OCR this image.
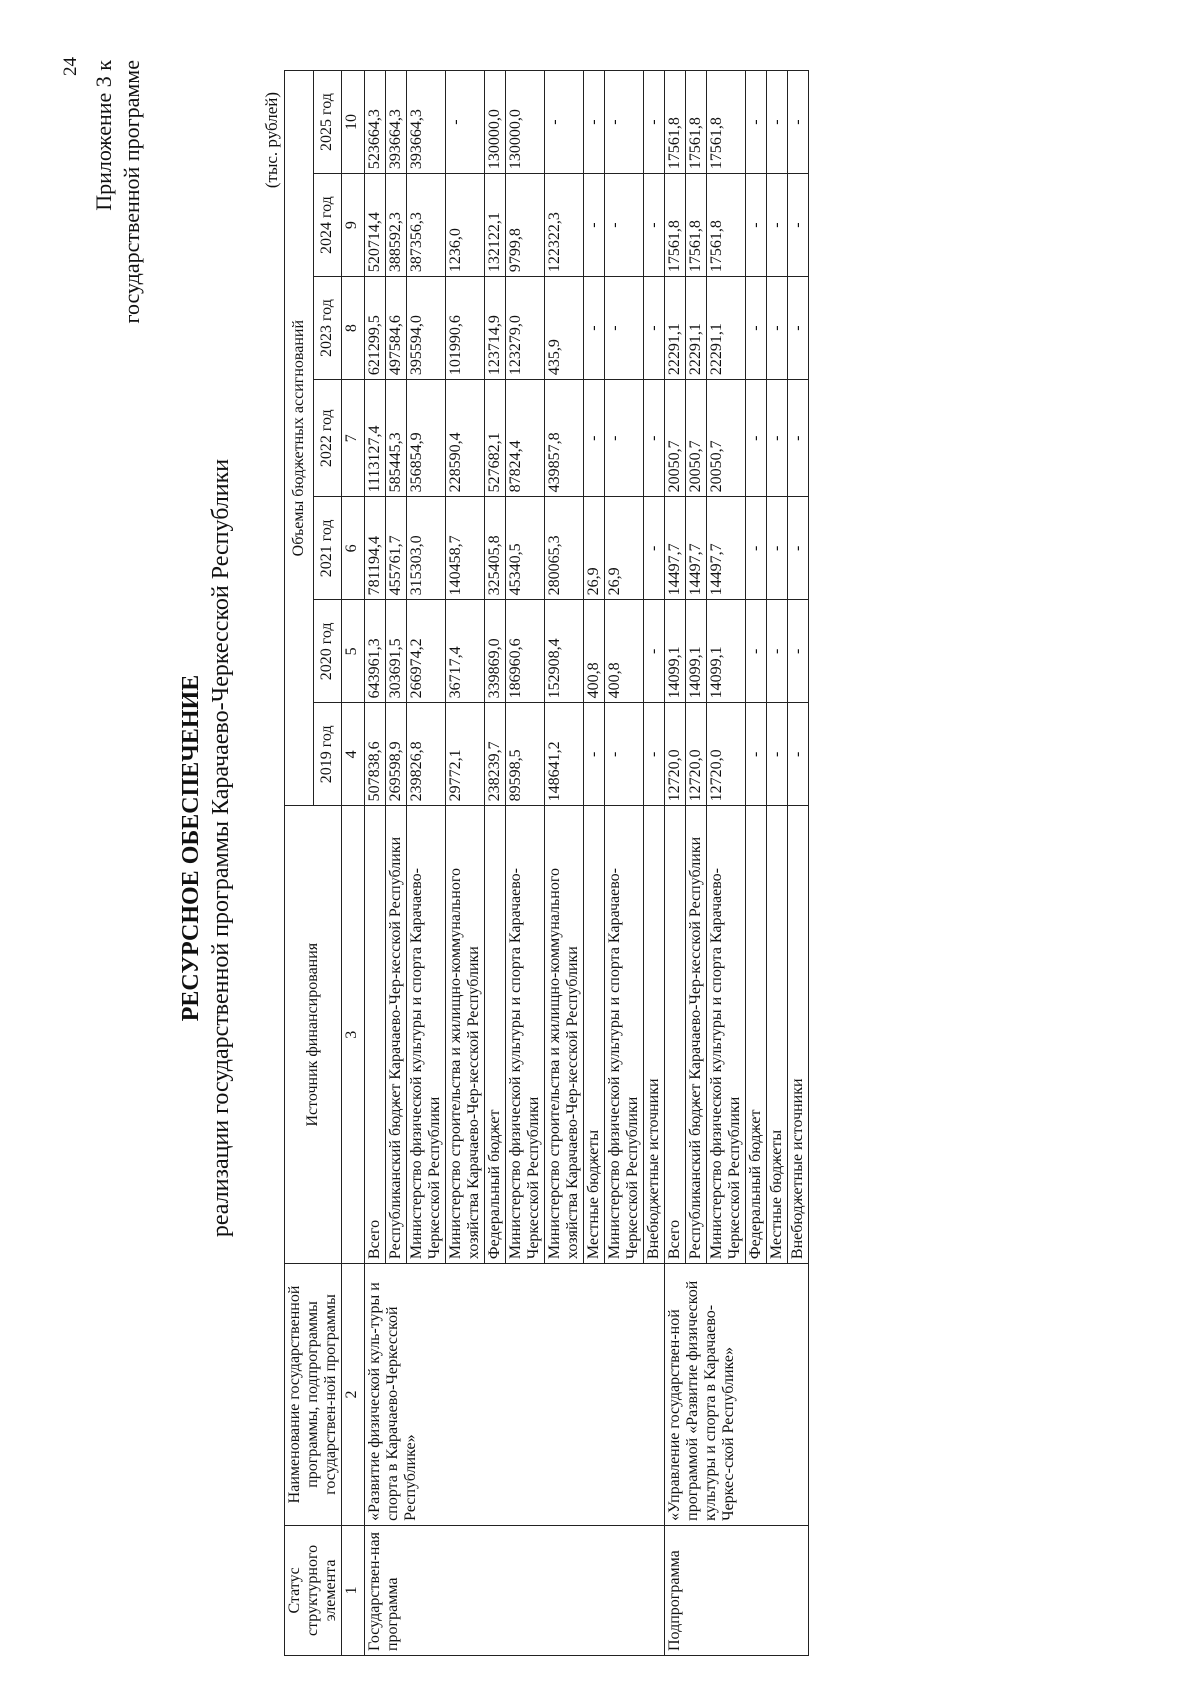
24 Приложение 3 к государственной программе
РЕСУРСНОЕ ОБЕСПЕЧЕНИЕ реализации государственной программы Карачаево-Черкесской Республики
(тыс. рублей)
Статус структурного элемента	Наименование государственной программы, подпрограммы государствен-ной программы	Источник финансирования	Объемы бюджетных ассигнований						
			2019 год	2020 год	2021 год	2022 год	2023 год	2024 год	2025 год
1	2	3	4	5	6	7	8	9	10
Государствен-ная программа	«Развитие физической куль-туры и спорта в Карачаево-Черкесской Республике»	Всего	507838,6	643961,3	781194,4	1113127,4	621299,5	520714,4	523664,3
		Республиканский бюджет Карачаево-Чер-кесской Республики	269598,9	303691,5	455761,7	585445,3	497584,6	388592,3	393664,3
		Министерство физической культуры и спорта Карачаево-Черкесской Республики	239826,8	266974,2	315303,0	356854,9	395594,0	387356,3	393664,3
		Министерство строительства и жилищно-коммунального хозяйства Карачаево-Чер-кесской Республики	29772,1	36717,4	140458,7	228590,4	101990,6	1236,0	-
		Федеральный бюджет	238239,7	339869,0	325405,8	527682,1	123714,9	132122,1	130000,0
		Министерство физической культуры и спорта Карачаево-Черкесской Республики	89598,5	186960,6	45340,5	87824,4	123279,0	9799,8	130000,0
		Министерство строительства и жилищно-коммунального хозяйства Карачаево-Чер-кесской Республики	148641,2	152908,4	280065,3	439857,8	435,9	122322,3	-
		Местные бюджеты	-	400,8	26,9	-	-	-	-
		Министерство физической культуры и спорта Карачаево-Черкесской Республики	-	400,8	26,9	-	-	-	-
		Внебюджетные источники	-	-	-	-	-	-	-
Подпрограмма	«Управление государствен-ной программой «Развитие физической культуры и спорта в Карачаево-Черкес-ской Республике»	Всего	12720,0	14099,1	14497,7	20050,7	22291,1	17561,8	17561,8
		Республиканский бюджет Карачаево-Чер-кесской Республики	12720,0	14099,1	14497,7	20050,7	22291,1	17561,8	17561,8
		Министерство физической культуры и спорта Карачаево-Черкесской Республики	12720,0	14099,1	14497,7	20050,7	22291,1	17561,8	17561,8
		Федеральный бюджет	-	-	-	-	-	-	-
		Местные бюджеты	-	-	-	-	-	-	-
		Внебюджетные источники	-	-	-	-	-	-	-
